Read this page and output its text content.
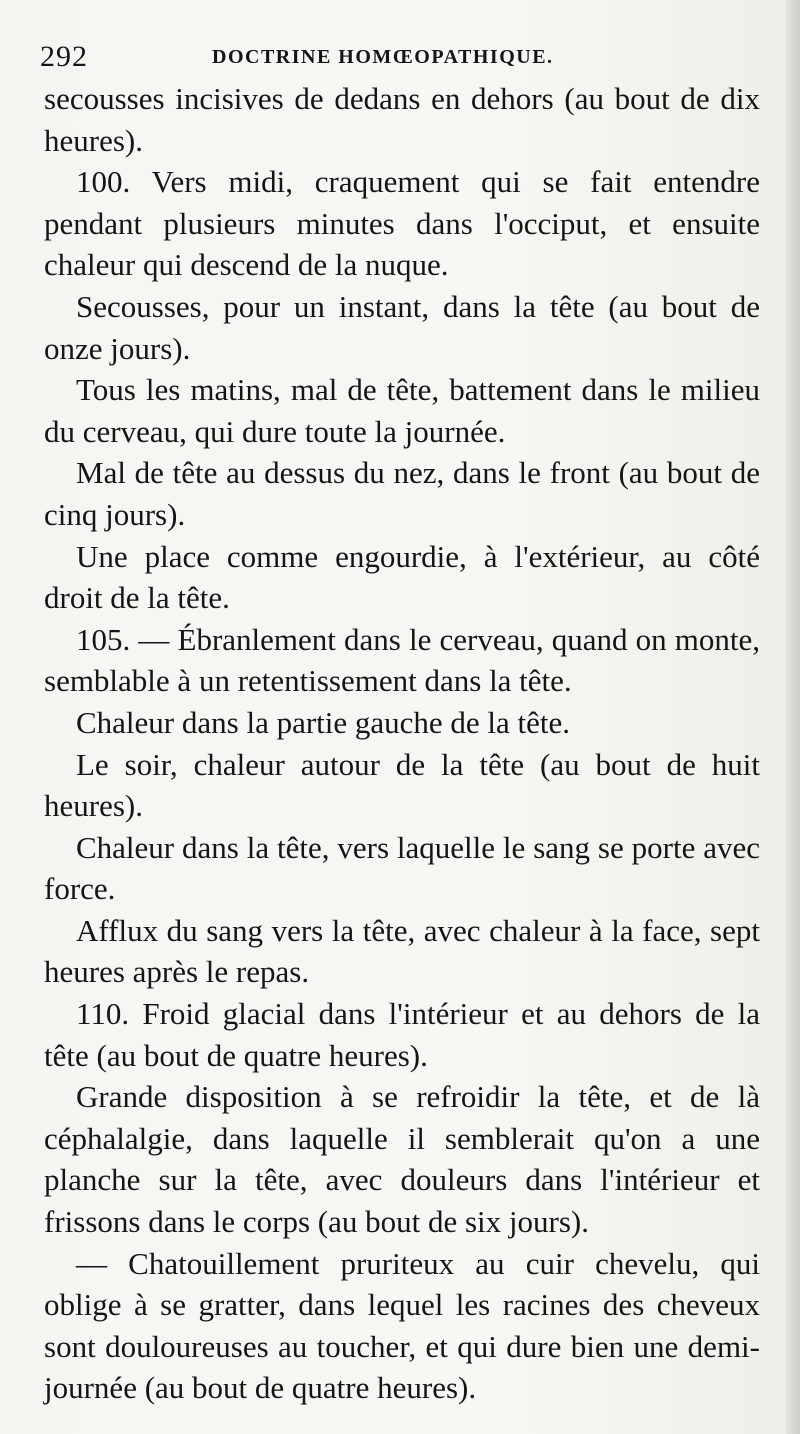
292	DOCTRINE HOMŒOPATHIQUE.

secousses incisives de dedans en dehors (au bout de dix heures).

100. Vers midi, craquement qui se fait entendre pendant plusieurs minutes dans l'occiput, et ensuite chaleur qui descend de la nuque.

Secousses, pour un instant, dans la tête (au bout de onze jours).

Tous les matins, mal de tête, battement dans le milieu du cerveau, qui dure toute la journée.

Mal de tête au dessus du nez, dans le front (au bout de cinq jours).

Une place comme engourdie, à l'extérieur, au côté droit de la tête.

105. — Ébranlement dans le cerveau, quand on monte, semblable à un retentissement dans la tête.

Chaleur dans la partie gauche de la tête.

Le soir, chaleur autour de la tête (au bout de huit heures).

Chaleur dans la tête, vers laquelle le sang se porte avec force.

Afflux du sang vers la tête, avec chaleur à la face, sept heures après le repas.

110. Froid glacial dans l'intérieur et au dehors de la tête (au bout de quatre heures).

Grande disposition à se refroidir la tête, et de là céphalalgie, dans laquelle il semblerait qu'on a une planche sur la tête, avec douleurs dans l'intérieur et frissons dans le corps (au bout de six jours).

— Chatouillement pruriteux au cuir chevelu, qui oblige à se gratter, dans lequel les racines des cheveux sont douloureuses au toucher, et qui dure bien une demi-journée (au bout de quatre heures).
